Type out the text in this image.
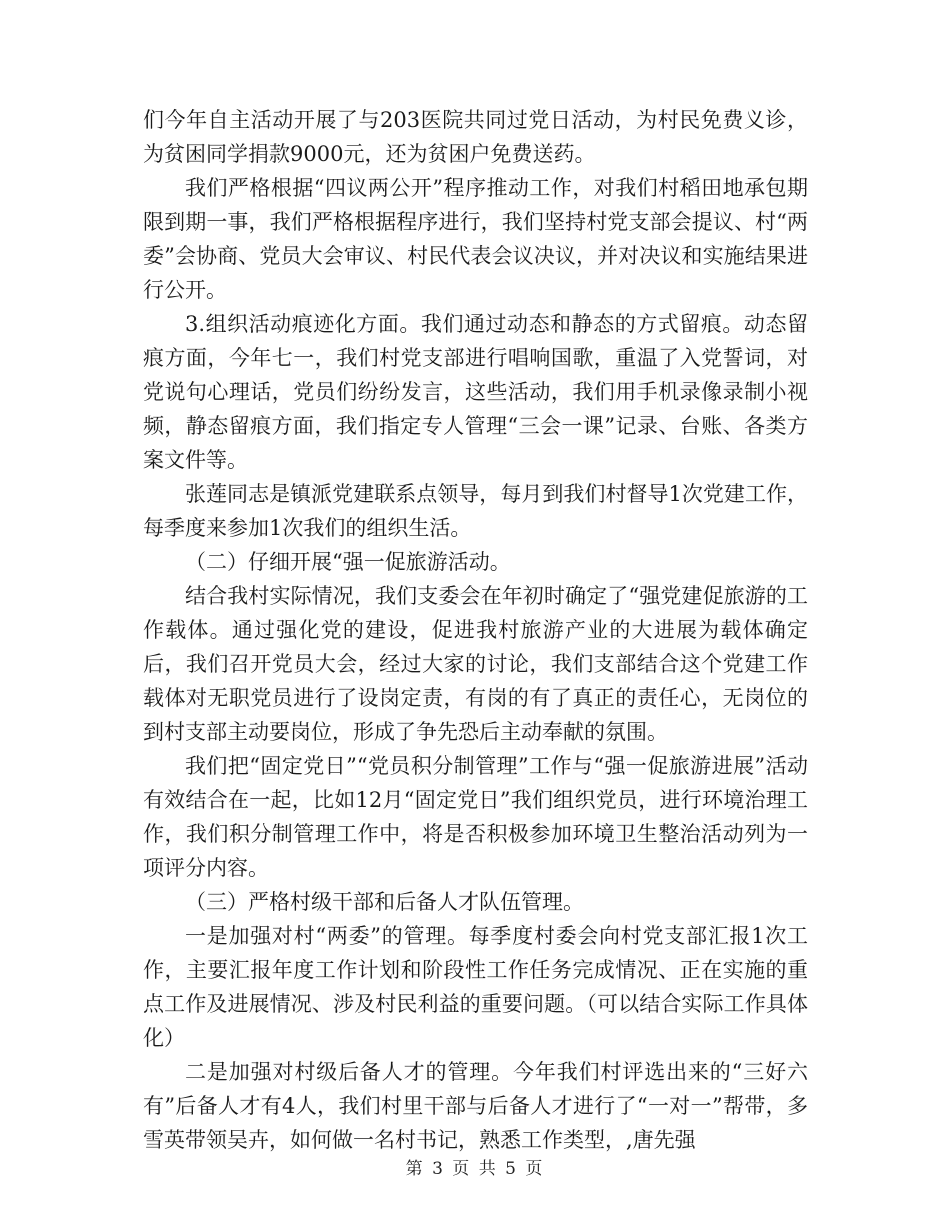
们今年自主活动开展了与203医院共同过党日活动，为村民免费义诊，为贫困同学捐款9000元，还为贫困户免费送药。

我们严格根据“四议两公开”程序推动工作，对我们村稻田地承包期限到期一事，我们严格根据程序进行，我们坚持村党支部会提议、村“两委”会协商、党员大会审议、村民代表会议决议，并对决议和实施结果进行公开。

3.组织活动痕迹化方面。我们通过动态和静态的方式留痕。动态留痕方面，今年七一，我们村党支部进行唱响国歌，重温了入党誓词，对党说句心理话，党员们纷纷发言，这些活动，我们用手机录像录制小视频，静态留痕方面，我们指定专人管理“三会一课”记录、台账、各类方案文件等。

张莲同志是镇派党建联系点领导，每月到我们村督导1次党建工作，每季度来参加1次我们的组织生活。

（二）仔细开展“强一促旅游活动。

结合我村实际情况，我们支委会在年初时确定了“强党建促旅游的工作载体。通过强化党的建设，促进我村旅游产业的大进展为载体确定后，我们召开党员大会，经过大家的讨论，我们支部结合这个党建工作载体对无职党员进行了设岗定责，有岗的有了真正的责任心，无岗位的到村支部主动要岗位，形成了争先恐后主动奉献的氛围。

我们把“固定党日”“党员积分制管理”工作与“强一促旅游进展”活动有效结合在一起，比如12月“固定党日”我们组织党员，进行环境治理工作，我们积分制管理工作中，将是否积极参加环境卫生整治活动列为一项评分内容。

（三）严格村级干部和后备人才队伍管理。

一是加强对村“两委”的管理。每季度村委会向村党支部汇报1次工作，主要汇报年度工作计划和阶段性工作任务完成情况、正在实施的重点工作及进展情况、涉及村民利益的重要问题。（可以结合实际工作具体化）

二是加强对村级后备人才的管理。今年我们村评选出来的“三好六有”后备人才有4人，我们村里干部与后备人才进行了“一对一”帮带，多雪英带领吴卉，如何做一名村书记，熟悉工作类型，,唐先强

第 3 页 共 5 页
